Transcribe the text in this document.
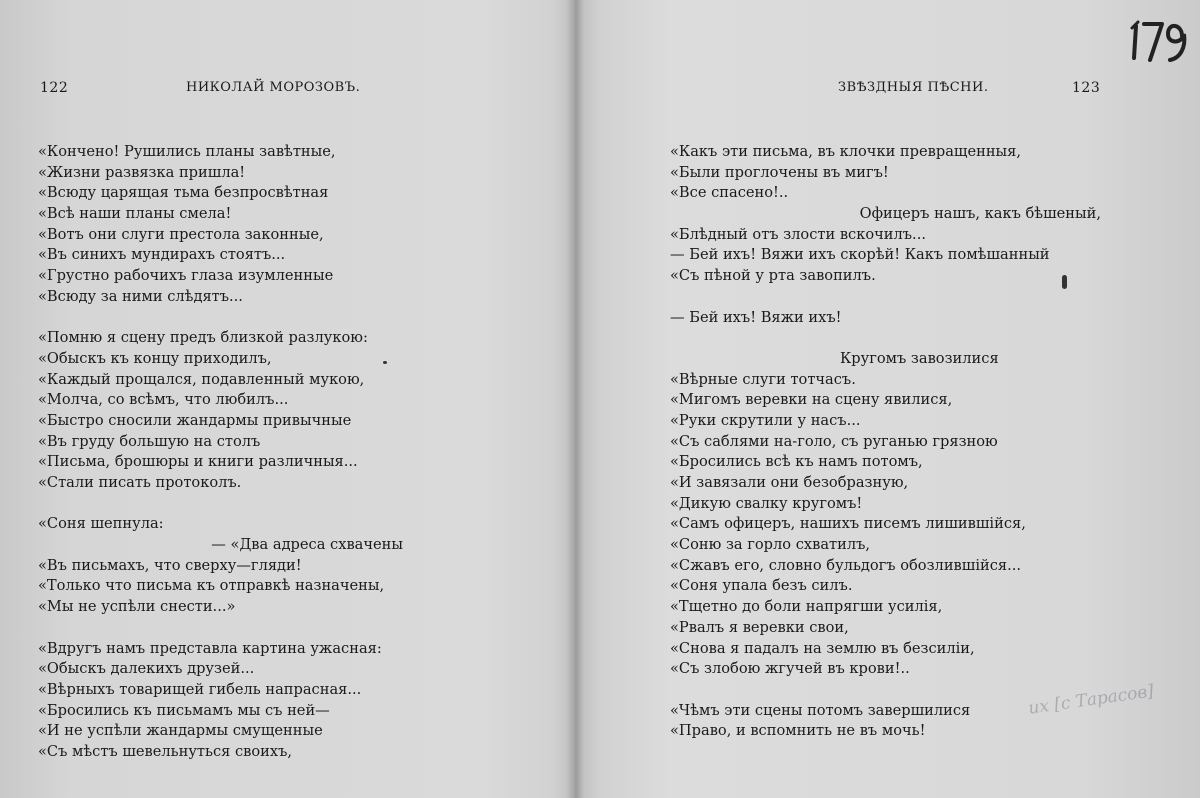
122	НИКОЛАЙ МОРОЗОВЪ.	ЗВѢЗДНЫЯ ПѢСНИ.	123
их [с Тарасов]
«Кончено! Рушились планы завѣтные,
«Жизни развязка пришла!
«Всюду царящая тьма безпросвѣтная
«Всѣ наши планы смела!
«Вотъ они слуги престола законные,
«Въ синихъ мундирахъ стоятъ...
«Грустно рабочихъ глаза изумленные
«Всюду за ними слѣдятъ...
«Помню я сцену предъ близкой разлукою:
«Обыскъ къ концу приходилъ,
«Каждый прощался, подавленный мукою,
«Молча, со всѣмъ, что любилъ...
«Быстро сносили жандармы привычные
«Въ груду большую на столъ
«Письма, брошюры и книги различныя...
«Стали писать протоколъ.
«Соня шепнула:
— «Два адреса схвачены
«Въ письмахъ, что сверху—гляди!
«Только что письма къ отправкѣ назначены,
«Мы не успѣли снести...»
«Вдругъ намъ представла картина ужасная:
«Обыскъ далекихъ друзей...
«Вѣрныхъ товарищей гибель напрасная...
«Бросились къ письмамъ мы съ ней—
«И не успѣли жандармы смущенные
«Съ мѣстъ шевельнуться своихъ,
«Какъ эти письма, въ клочки превращенныя,
«Были проглочены въ мигъ!
«Все спасено!..
Офицеръ нашъ, какъ бѣшеный,
«Блѣдный отъ злости вскочилъ...
— Бей ихъ! Вяжи ихъ скорѣй! Какъ помѣшанный
«Съ пѣной у рта завопилъ.
— Бей ихъ! Вяжи ихъ!
Кругомъ завозилися
«Вѣрные слуги тотчасъ.
«Мигомъ веревки на сцену явилися,
«Руки скрутили у насъ...
«Съ саблями на-голо, съ руганью грязною
«Бросились всѣ къ намъ потомъ,
«И завязали они безобразную,
«Дикую свалку кругомъ!
«Самъ офицеръ, нашихъ писемъ лишившійся,
«Соню за горло схватилъ,
«Сжавъ его, словно бульдогъ обозлившійся...
«Соня упала безъ силъ.
«Тщетно до боли напрягши усилія,
«Рвалъ я веревки свои,
«Снова я падалъ на землю въ безсиліи,
«Съ злобою жгучей въ крови!..
«Чѣмъ эти сцены потомъ завершилися
«Право, и вспомнить не въ мочь!
